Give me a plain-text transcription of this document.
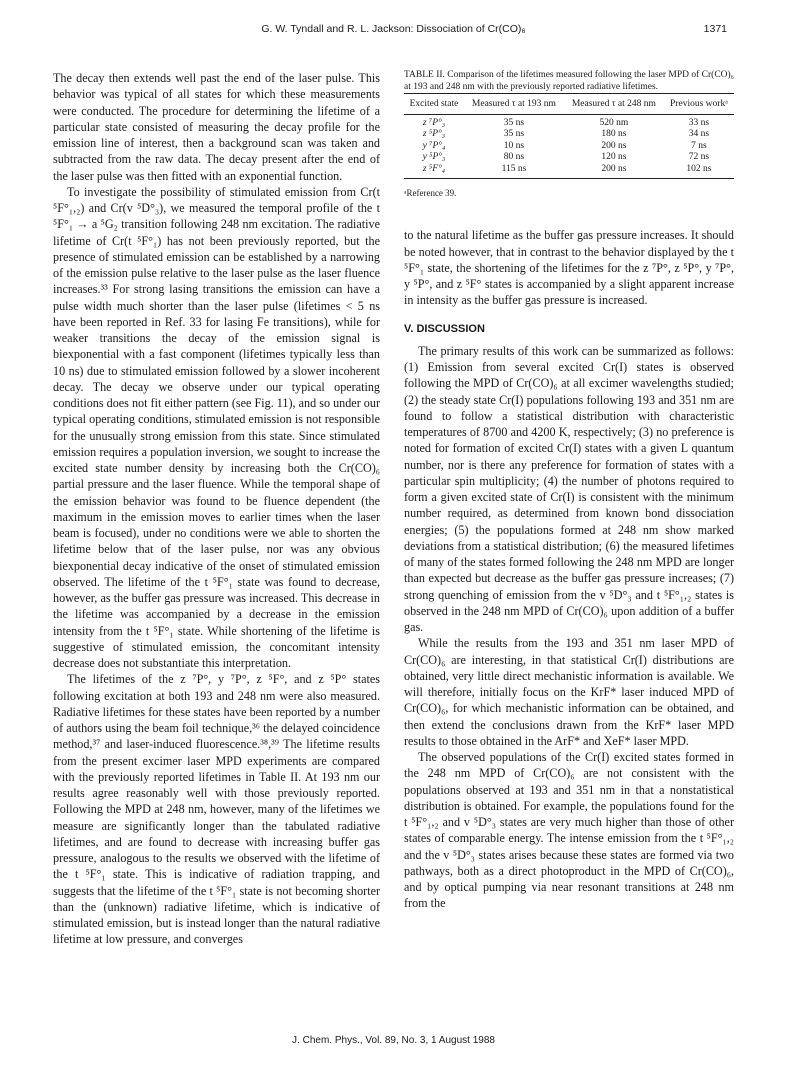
G. W. Tyndall and R. L. Jackson: Dissociation of Cr(CO)₆	1371

The decay then extends well past the end of the laser pulse. This behavior was typical of all states for which these measurements were conducted. The procedure for determining the lifetime of a particular state consisted of measuring the decay profile for the emission line of interest, then a background scan was taken and subtracted from the raw data. The decay present after the end of the laser pulse was then fitted with an exponential function.

To investigate the possibility of stimulated emission from Cr(t ⁵F°₁,₂) and Cr(v ⁵D°₃), we measured the temporal profile of the t ⁵F°₁ → a ⁵G₂ transition following 248 nm excitation. The radiative lifetime of Cr(t ⁵F°₁) has not been previously reported, but the presence of stimulated emission can be established by a narrowing of the emission pulse relative to the laser pulse as the laser fluence increases.³³ For strong lasing transitions the emission can have a pulse width much shorter than the laser pulse (lifetimes < 5 ns have been reported in Ref. 33 for lasing Fe transitions), while for weaker transitions the decay of the emission signal is biexponential with a fast component (lifetimes typically less than 10 ns) due to stimulated emission followed by a slower incoherent decay. The decay we observe under our typical operating conditions does not fit either pattern (see Fig. 11), and so under our typical operating conditions, stimulated emission is not responsible for the unusually strong emission from this state. Since stimulated emission requires a population inversion, we sought to increase the excited state number density by increasing both the Cr(CO)₆ partial pressure and the laser fluence. While the temporal shape of the emission behavior was found to be fluence dependent (the maximum in the emission moves to earlier times when the laser beam is focused), under no conditions were we able to shorten the lifetime below that of the laser pulse, nor was any obvious biexponential decay indicative of the onset of stimulated emission observed. The lifetime of the t ⁵F°₁ state was found to decrease, however, as the buffer gas pressure was increased. This decrease in the lifetime was accompanied by a decrease in the emission intensity from the t ⁵F°₁ state. While shortening of the lifetime is suggestive of stimulated emission, the concomitant intensity decrease does not substantiate this interpretation.

The lifetimes of the z ⁷P°, y ⁷P°, z ⁵F°, and z ⁵P° states following excitation at both 193 and 248 nm were also measured. Radiative lifetimes for these states have been reported by a number of authors using the beam foil technique,³⁶ the delayed coincidence method,³⁷ and laser-induced fluorescence.³⁸,³⁹ The lifetime results from the present excimer laser MPD experiments are compared with the previously reported lifetimes in Table II. At 193 nm our results agree reasonably well with those previously reported. Following the MPD at 248 nm, however, many of the lifetimes we measure are significantly longer than the tabulated radiative lifetimes, and are found to decrease with increasing buffer gas pressure, analogous to the results we observed with the lifetime of the t ⁵F°₁ state. This is indicative of radiation trapping, and suggests that the lifetime of the t ⁵F°₁ state is not becoming shorter than the (unknown) radiative lifetime, which is indicative of stimulated emission, but is instead longer than the natural radiative lifetime at low pressure, and converges

TABLE II. Comparison of the lifetimes measured following the laser MPD of Cr(CO)₆ at 193 and 248 nm with the previously reported radiative lifetimes.

Excited state	Measured τ at 193 nm	Measured τ at 248 nm	Previous workᵃ

z ⁷P°₃	35 ns	520 nm	33 ns
z ⁵P°₃	35 ns	180 ns	34 ns
y ⁷P°₄	10 ns	200 ns	7 ns
y ⁵P°₃	80 ns	120 ns	72 ns
z ⁵F°₄	115 ns	200 ns	102 ns
ᵃReference 39.

to the natural lifetime as the buffer gas pressure increases. It should be noted however, that in contrast to the behavior displayed by the t ⁵F°₁ state, the shortening of the lifetimes for the z ⁷P°, z ⁵P°, y ⁷P°, y ⁵P°, and z ⁵F° states is accompanied by a slight apparent increase in intensity as the buffer gas pressure is increased.

V. DISCUSSION

The primary results of this work can be summarized as follows: (1) Emission from several excited Cr(I) states is observed following the MPD of Cr(CO)₆ at all excimer wavelengths studied; (2) the steady state Cr(I) populations following 193 and 351 nm are found to follow a statistical distribution with characteristic temperatures of 8700 and 4200 K, respectively; (3) no preference is noted for formation of excited Cr(I) states with a given L quantum number, nor is there any preference for formation of states with a particular spin multiplicity; (4) the number of photons required to form a given excited state of Cr(I) is consistent with the minimum number required, as determined from known bond dissociation energies; (5) the populations formed at 248 nm show marked deviations from a statistical distribution; (6) the measured lifetimes of many of the states formed following the 248 nm MPD are longer than expected but decrease as the buffer gas pressure increases; (7) strong quenching of emission from the v ⁵D°₃ and t ⁵F°₁,₂ states is observed in the 248 nm MPD of Cr(CO)₆ upon addition of a buffer gas.

While the results from the 193 and 351 nm laser MPD of Cr(CO)₆ are interesting, in that statistical Cr(I) distributions are obtained, very little direct mechanistic information is available. We will therefore, initially focus on the KrF* laser induced MPD of Cr(CO)₆, for which mechanistic information can be obtained, and then extend the conclusions drawn from the KrF* laser MPD results to those obtained in the ArF* and XeF* laser MPD.

The observed populations of the Cr(I) excited states formed in the 248 nm MPD of Cr(CO)₆ are not consistent with the populations observed at 193 and 351 nm in that a nonstatistical distribution is obtained. For example, the populations found for the t ⁵F°₁,₂ and v ⁵D°₃ states are very much higher than those of other states of comparable energy. The intense emission from the t ⁵F°₁,₂ and the v ⁵D°₃ states arises because these states are formed via two pathways, both as a direct photoproduct in the MPD of Cr(CO)₆, and by optical pumping via near resonant transitions at 248 nm from the

J. Chem. Phys., Vol. 89, No. 3, 1 August 1988
